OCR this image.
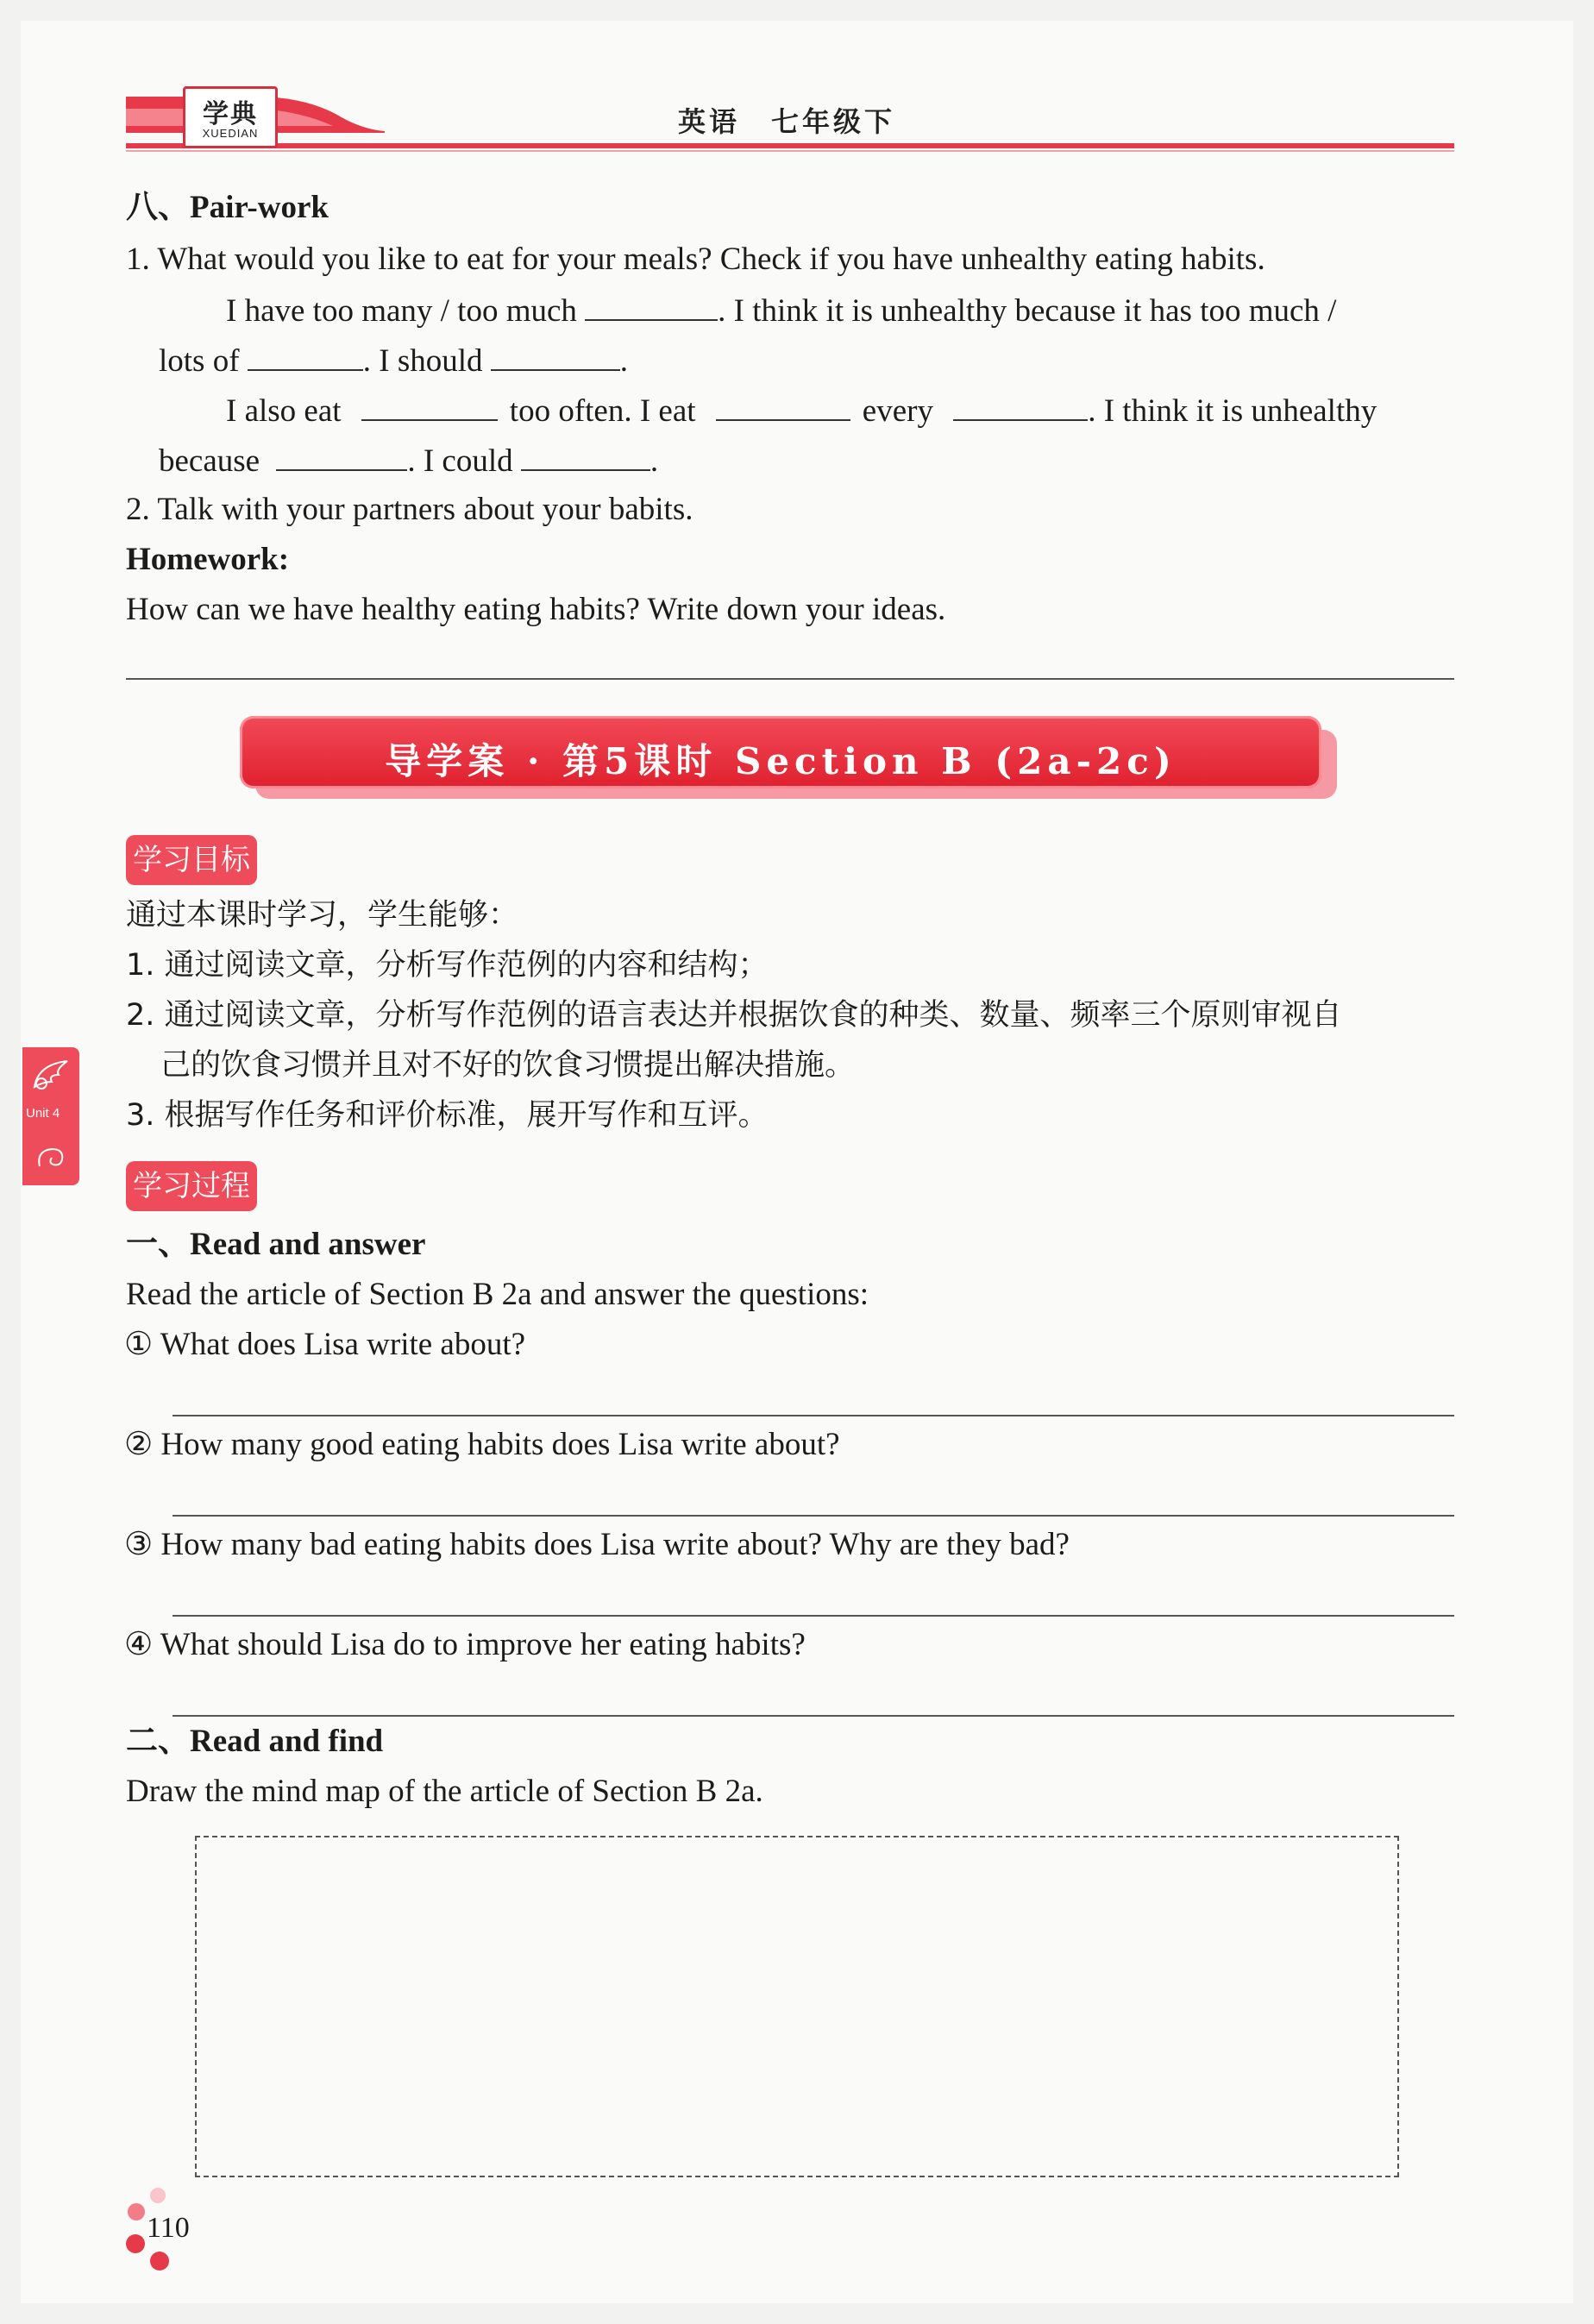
学典
XUEDIAN	英语　七年级下
八、Pair-work
1. What would you like to eat for your meals? Check if you have unhealthy eating habits.
I have too many / too much	. I think it is unhealthy because it has too much /
lots of	. I should	.
I also eat	too often. I eat	every	. I think it is unhealthy
because	. I could	.
2. Talk with your partners about your babits.
Homework:
How can we have healthy eating habits? Write down your ideas.
导学案 · 第5课时 Section B (2a-2c)
学习目标
通过本课时学习，学生能够：
1. 通过阅读文章，分析写作范例的内容和结构；
2. 通过阅读文章，分析写作范例的语言表达并根据饮食的种类、数量、频率三个原则审视自
己的饮食习惯并且对不好的饮食习惯提出解决措施。
3. 根据写作任务和评价标准，展开写作和互评。
Unit 4
学习过程
一、Read and answer
Read the article of Section B 2a and answer the questions:
① What does Lisa write about?
② How many good eating habits does Lisa write about?
③ How many bad eating habits does Lisa write about? Why are they bad?
④ What should Lisa do to improve her eating habits?
二、Read and find
Draw the mind map of the article of Section B 2a.
110
